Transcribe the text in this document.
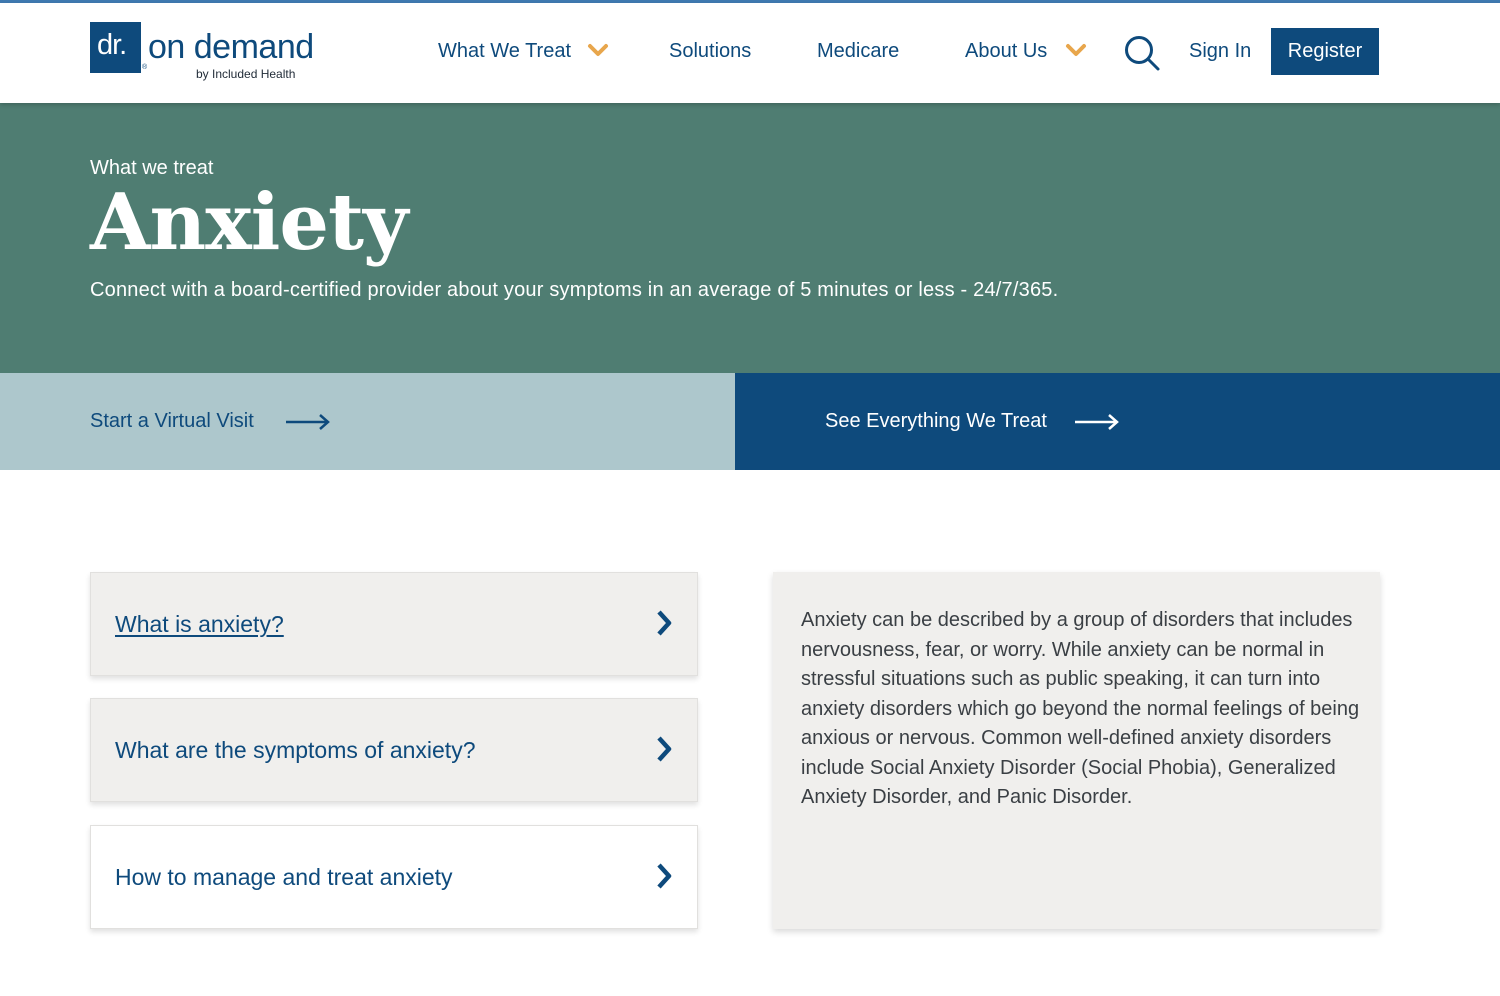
dr.
®
on demand
by Included Health
What We Treat	Solutions	Medicare	About Us	Sign In	Register
What we treat
Anxiety

Connect with a board-certified provider about your symptoms in an average of 5 minutes or less - 24/7/365.

Start a Virtual Visit	See Everything We Treat
What is anxiety?
What are the symptoms of anxiety?
How to manage and treat anxiety

Anxiety can be described by a group of disorders that includes nervousness, fear, or worry. While anxiety can be normal in stressful situations such as public speaking, it can turn into anxiety disorders which go beyond the normal feelings of being anxious or nervous. Common well-defined anxiety disorders include Social Anxiety Disorder (Social Phobia), Generalized Anxiety Disorder, and Panic Disorder.
